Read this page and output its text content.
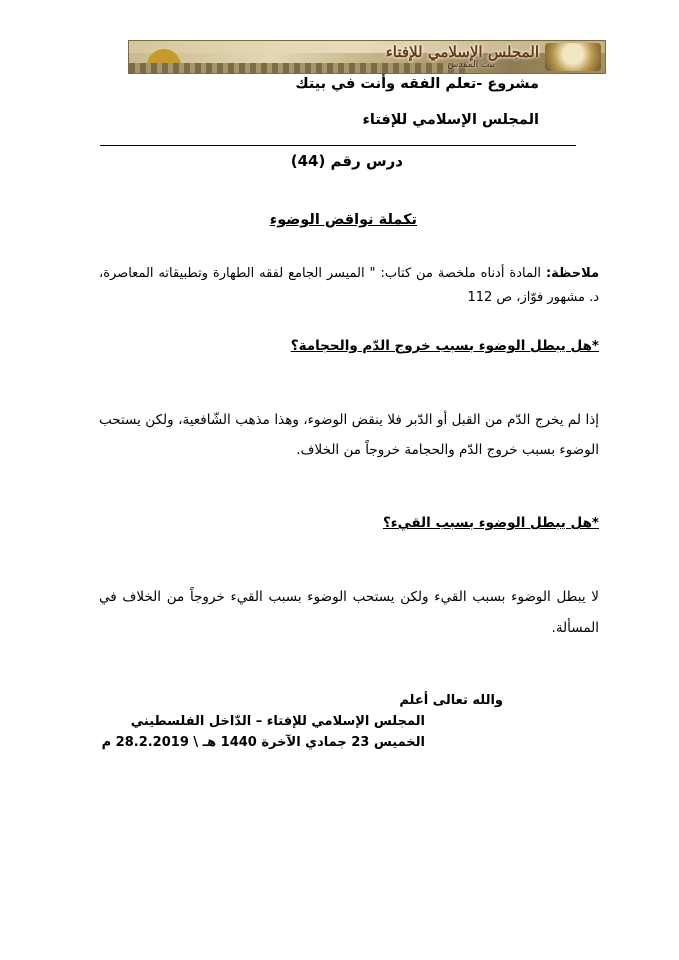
المجلس الإسلامي للإفتاء
بيت المقدس
مشروع -تعلم الفقه وأنت في بيتك
المجلس الإسلامي للإفتاء
درس رقم (44)
تكملة نواقض الوضوء
ملاحظة: المادة أدناه ملخصة من كتاب: " الميسر الجامع لفقه الطهارة وتطبيقاته المعاصرة، د. مشهور فوّاز، ص 112
*هل يبطل الوضوء بسبب خروج الدّم والحجامة؟
إذا لم يخرج الدّم من القبل أو الدّبر فلا ينقض الوضوء، وهذا مذهب الشّافعية، ولكن يستحب الوضوء بسبب خروج الدّم والحجامة خروجاً من الخلاف.
*هل يبطل الوضوء بسبب القيء؟
لا يبطل الوضوء بسبب القيء ولكن يستحب الوضوء بسبب القيء خروجاً من الخلاف في المسألة.
والله تعالى أعلم
المجلس الإسلامي للإفتاء – الدّاخل الفلسطيني
الخميس 23 جمادي الآخرة 1440 هـ \ 28.2.2019 م
